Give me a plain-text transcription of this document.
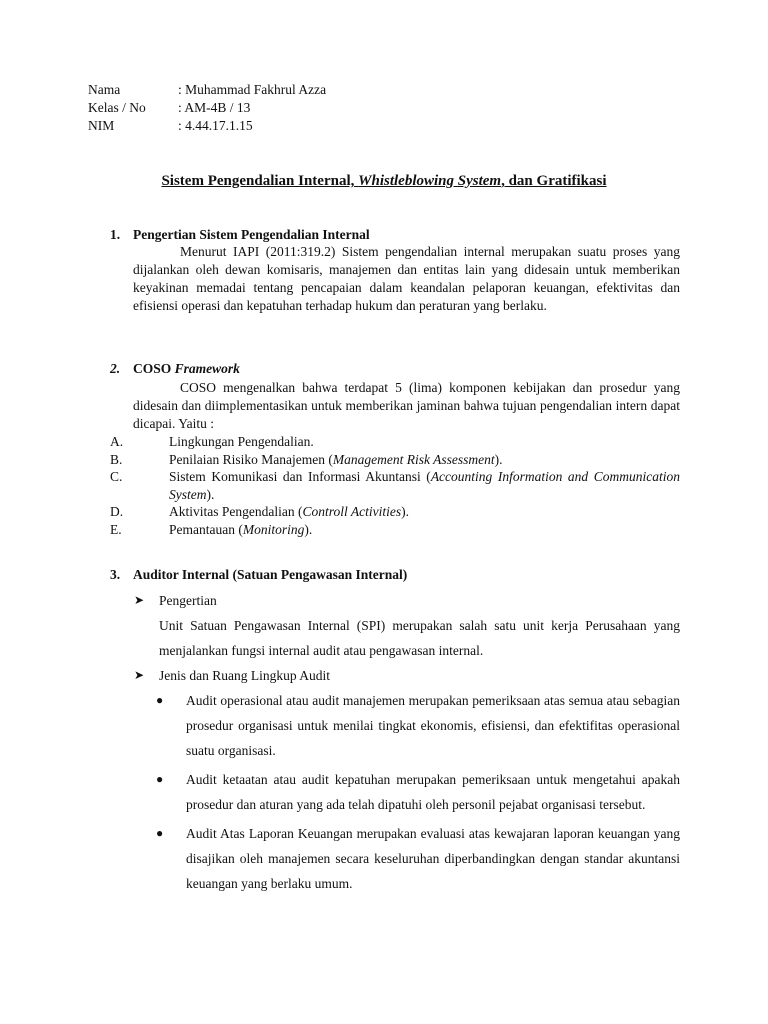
Nama	: Muhammad Fakhrul Azza
Kelas / No	: AM-4B / 13
NIM	: 4.44.17.1.15
Sistem Pengendalian Internal, Whistleblowing System, dan Gratifikasi
1. Pengertian Sistem Pengendalian Internal
Menurut IAPI (2011:319.2) Sistem pengendalian internal merupakan suatu proses yang dijalankan oleh dewan komisaris, manajemen dan entitas lain yang didesain untuk memberikan keyakinan memadai tentang pencapaian dalam keandalan pelaporan keuangan, efektivitas dan efisiensi operasi dan kepatuhan terhadap hukum dan peraturan yang berlaku.
2. COSO Framework
COSO mengenalkan bahwa terdapat 5 (lima) komponen kebijakan dan prosedur yang didesain dan diimplementasikan untuk memberikan jaminan bahwa tujuan pengendalian intern dapat dicapai. Yaitu :
A.	Lingkungan Pengendalian.
B.	Penilaian Risiko Manajemen (Management Risk Assessment).
C.	Sistem Komunikasi dan Informasi Akuntansi (Accounting Information and Communication System).
D.	Aktivitas Pengendalian (Controll Activities).
E.	Pemantauan (Monitoring).
3. Auditor Internal (Satuan Pengawasan Internal)
➤	Pengertian
Unit Satuan Pengawasan Internal (SPI) merupakan salah satu unit kerja Perusahaan yang menjalankan fungsi internal audit atau pengawasan internal.
➤	Jenis dan Ruang Lingkup Audit
●	Audit operasional atau audit manajemen merupakan pemeriksaan atas semua atau sebagian prosedur organisasi untuk menilai tingkat ekonomis, efisiensi, dan efektifitas operasional suatu organisasi.
●	Audit ketaatan atau audit kepatuhan merupakan pemeriksaan untuk mengetahui apakah prosedur dan aturan yang ada telah dipatuhi oleh personil pejabat organisasi tersebut.
●	Audit Atas Laporan Keuangan merupakan evaluasi atas kewajaran laporan keuangan yang disajikan oleh manajemen secara keseluruhan diperbandingkan dengan standar akuntansi keuangan yang berlaku umum.
